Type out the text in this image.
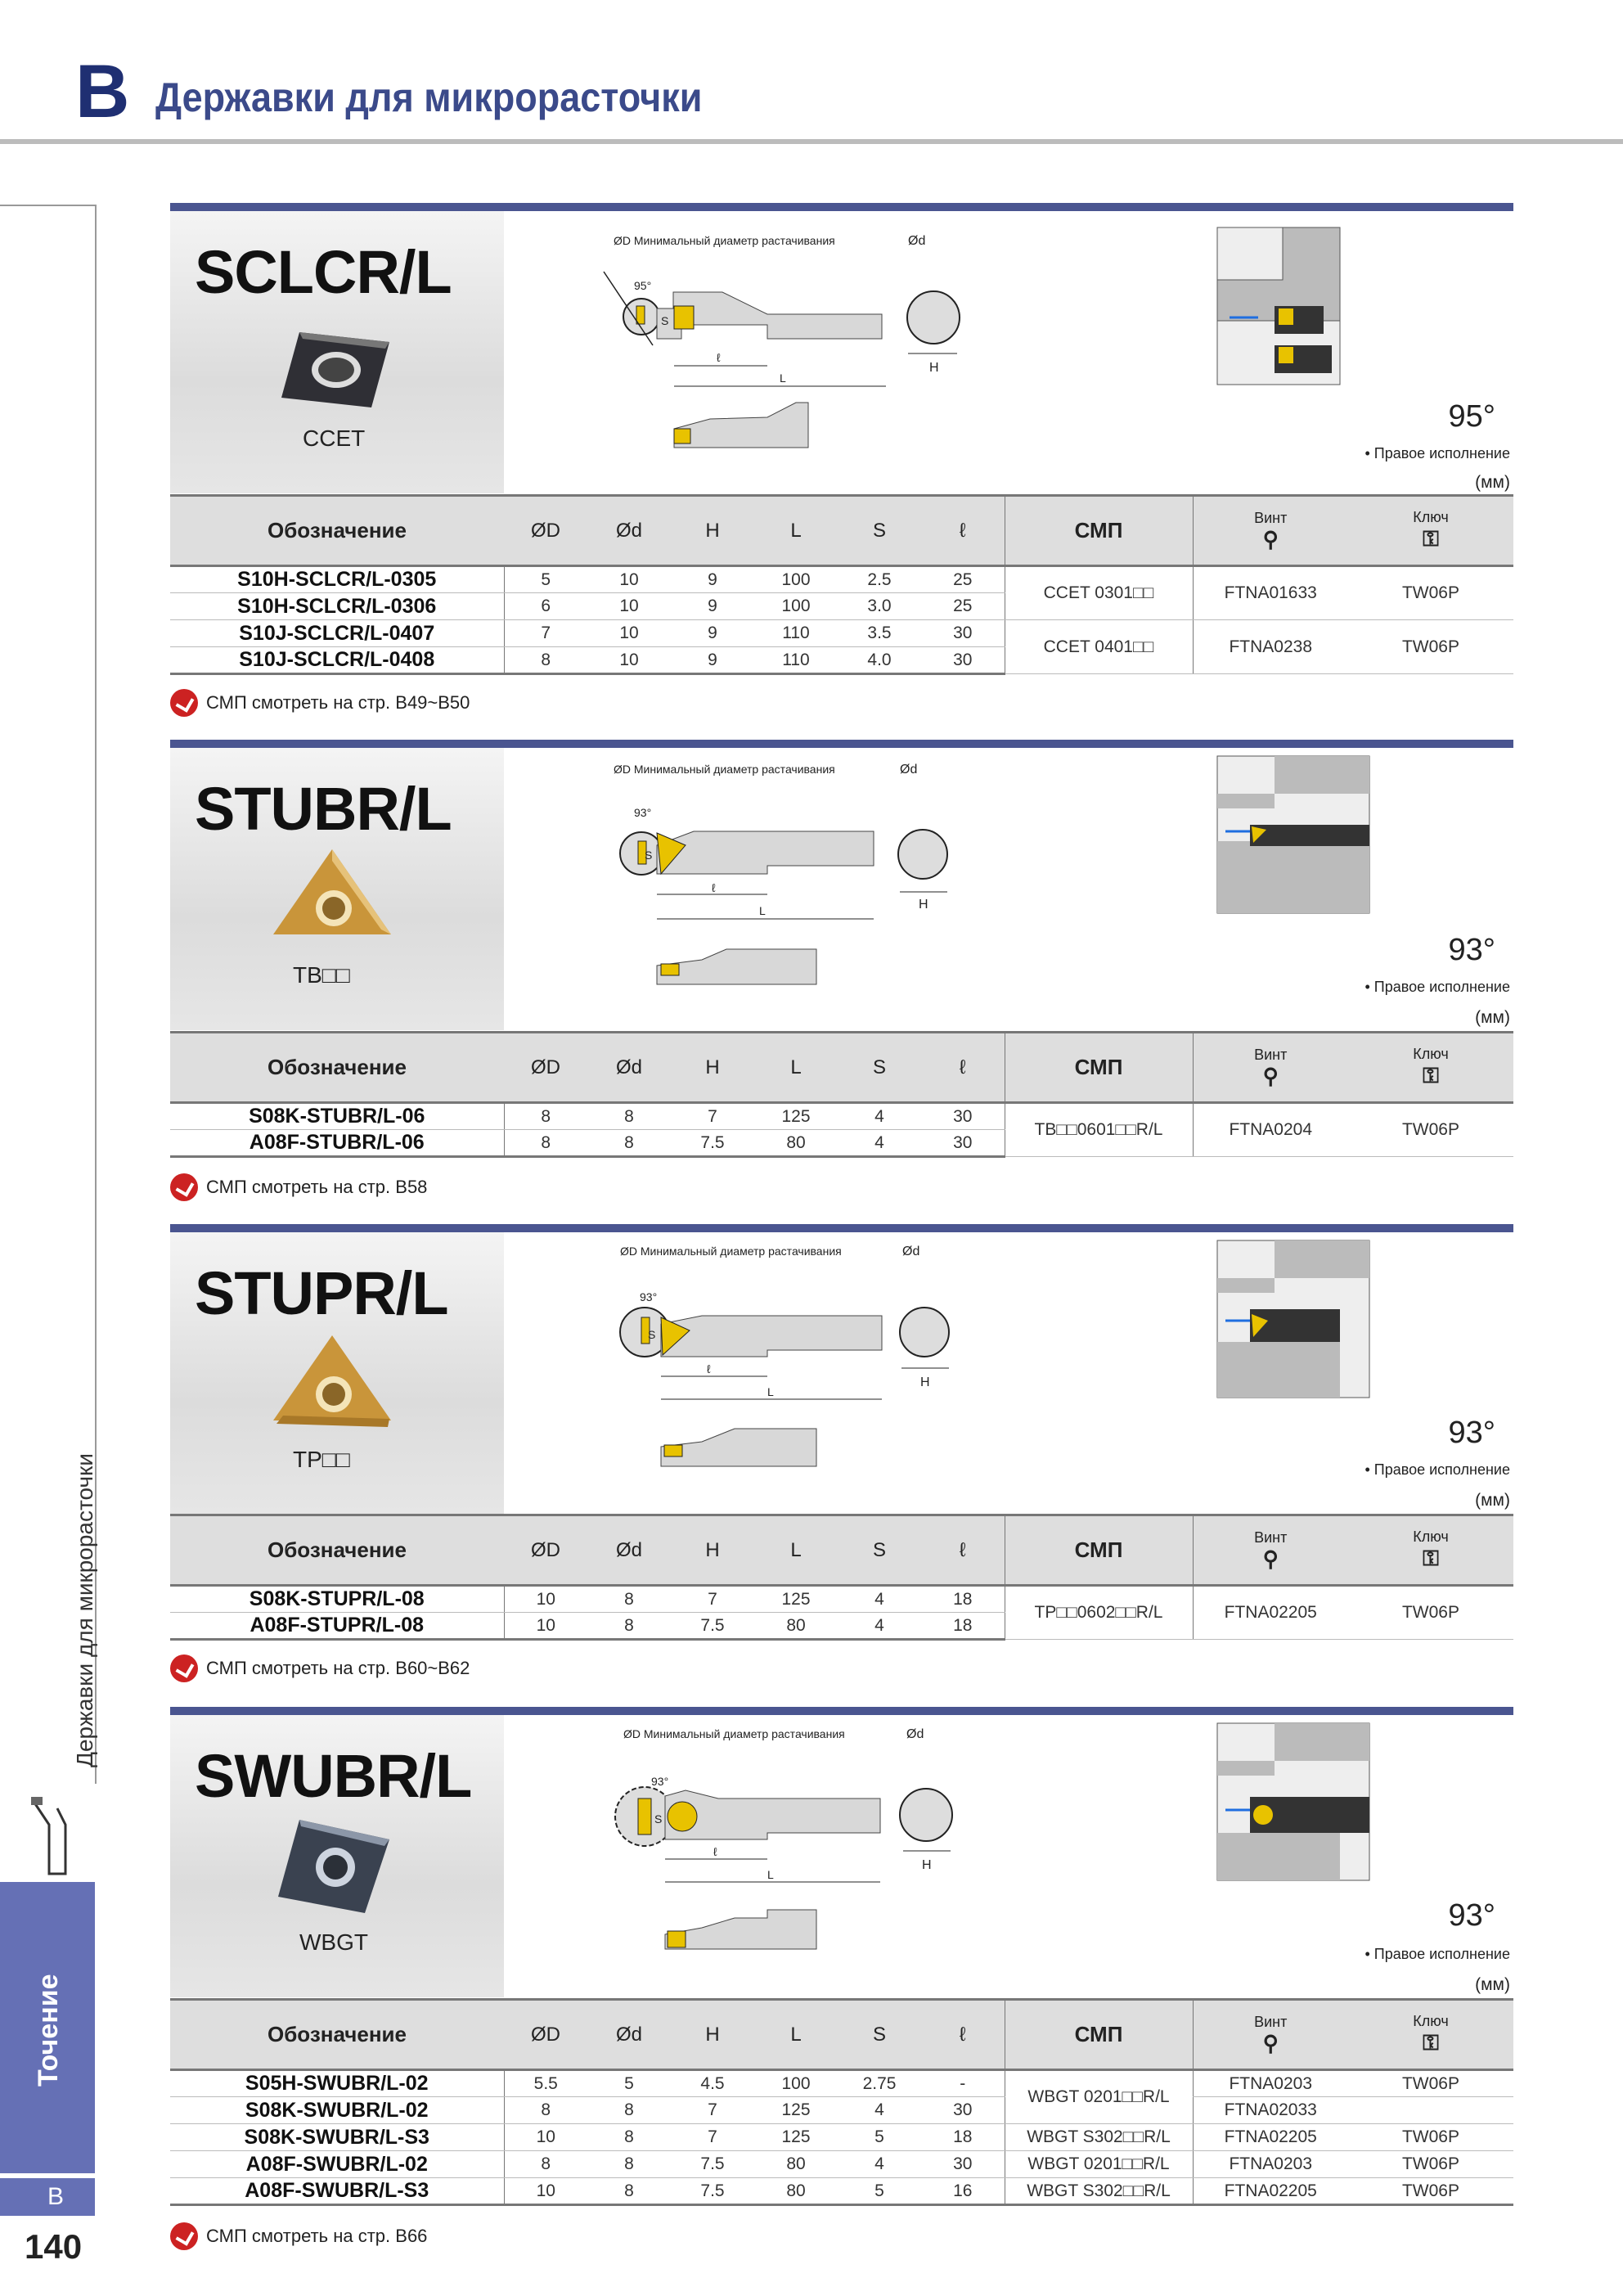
B Державки для микрорасточки
Державки для микрорасточки
Точение
B
140
SCLCR/L
CCET
ØD Минимальный диаметр растачивания	Ød
H
95°
S
ℓ
L
95°
• Правое исполнение
(мм)
Обозначение	ØD	Ød	H	L	S	ℓ	СМП	Винт
⚲	Ключ
⚿
S10H-SCLCR/L-0305	5	10	9	100	2.5	25	CCET 0301□□	FTNA01633	TW06P
S10H-SCLCR/L-0306	6	10	9	100	3.0	25			
S10J-SCLCR/L-0407	7	10	9	110	3.5	30	CCET 0401□□	FTNA0238	TW06P
S10J-SCLCR/L-0408	8	10	9	110	4.0	30			
СМП смотреть на стр. B49~B50
STUBR/L
TB□□
ØD Минимальный диаметр растачивания	Ød
H
93°
S
ℓ
L
93°
• Правое исполнение
(мм)
Обозначение	ØD	Ød	H	L	S	ℓ	СМП	Винт
⚲	Ключ
⚿
S08K-STUBR/L-06	8	8	7	125	4	30	TB□□0601□□R/L	FTNA0204	TW06P
A08F-STUBR/L-06	8	8	7.5	80	4	30			
СМП смотреть на стр. B58
STUPR/L
TP□□
ØD Минимальный диаметр растачивания	Ød
H
93°
S
ℓ
L
93°
• Правое исполнение
(мм)
Обозначение	ØD	Ød	H	L	S	ℓ	СМП	Винт
⚲	Ключ
⚿
S08K-STUPR/L-08	10	8	7	125	4	18	TP□□0602□□R/L	FTNA02205	TW06P
A08F-STUPR/L-08	10	8	7.5	80	4	18			
СМП смотреть на стр. B60~B62
SWUBR/L
WBGT
ØD Минимальный диаметр растачивания	Ød
H
93°
S
ℓ
L
93°
• Правое исполнение
(мм)
Обозначение	ØD	Ød	H	L	S	ℓ	СМП	Винт
⚲	Ключ
⚿
S05H-SWUBR/L-02	5.5	5	4.5	100	2.75	-	WBGT 0201□□R/L	FTNA0203	TW06P
S08K-SWUBR/L-02	8	8	7	125	4	30		FTNA02033	
S08K-SWUBR/L-S3	10	8	7	125	5	18	WBGT S302□□R/L	FTNA02205	TW06P
A08F-SWUBR/L-02	8	8	7.5	80	4	30	WBGT 0201□□R/L	FTNA0203	TW06P
A08F-SWUBR/L-S3	10	8	7.5	80	5	16	WBGT S302□□R/L	FTNA02205	TW06P
СМП смотреть на стр. B66
